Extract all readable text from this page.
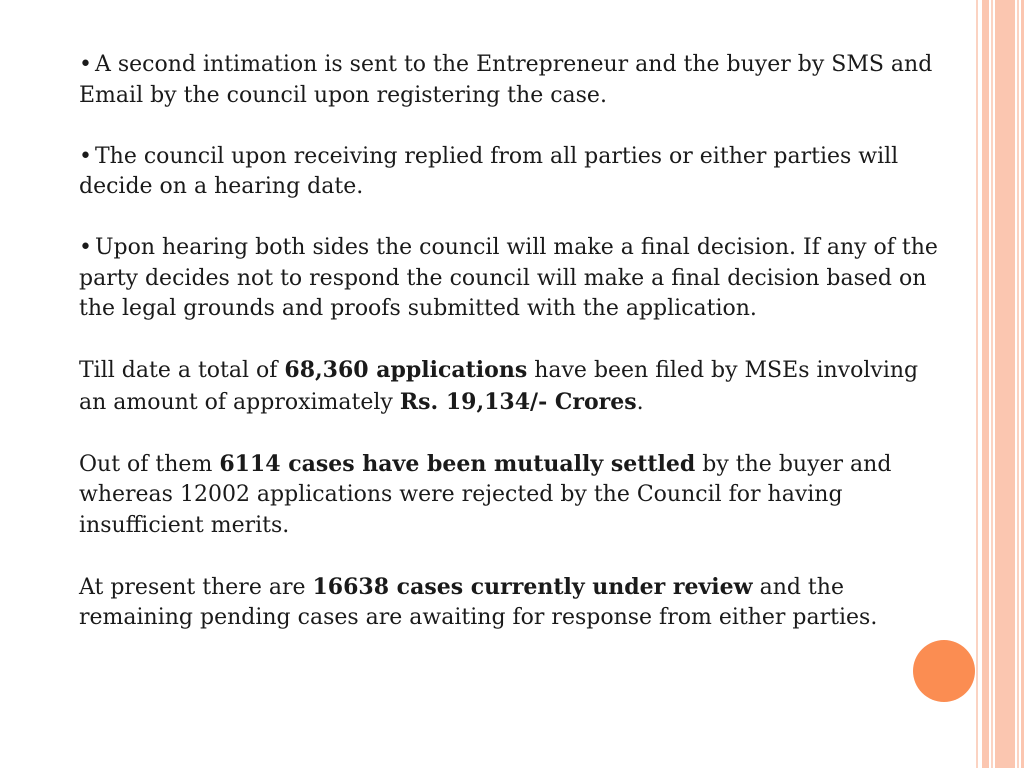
• A second intimation is sent to the Entrepreneur and the buyer by SMS and Email by the council upon registering the case.

• The council upon receiving replied from all parties or either parties will decide on a hearing date.

• Upon hearing both sides the council will make a final decision. If any of the party decides not to respond the council will make a final decision based on the legal grounds and proofs submitted with the application.

Till date a total of 68,360 applications have been filed by MSEs involving an amount of approximately Rs. 19,134/- Crores.

Out of them 6114 cases have been mutually settled by the buyer and whereas 12002 applications were rejected by the Council for having insufficient merits.

At present there are 16638 cases currently under review and the remaining pending cases are awaiting for response from either parties.
